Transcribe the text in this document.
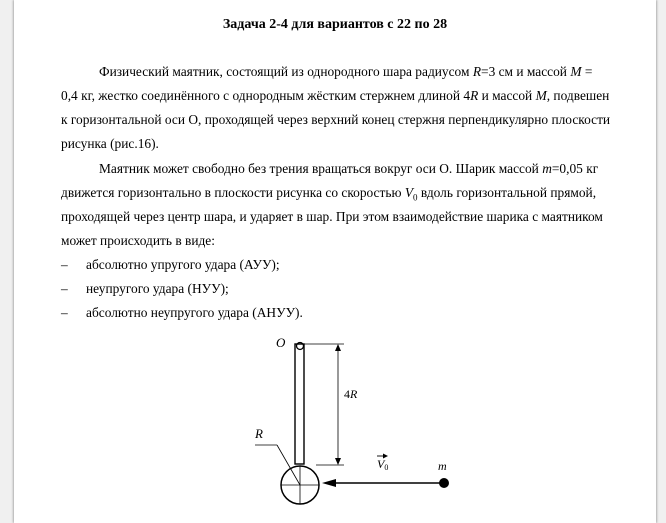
Задача 2-4 для вариантов с 22 по 28
Физический маятник, состоящий из однородного шара радиусом R=3 см и массой M =
0,4 кг, жестко соединённого с однородным жёстким стержнем длиной 4R и массой M, подвешен
к горизонтальной оси О, проходящей через верхний конец стержня перпендикулярно плоскости
рисунка (рис.16).
Маятник может свободно без трения вращаться вокруг оси О. Шарик массой m=0,05 кг
движется горизонтально в плоскости рисунка со скоростью $V_0$ вдоль горизонтальной прямой,
проходящей через центр шара, и ударяет в шар. При этом взаимодействие шарика с маятником
может происходить в виде:
– абсолютно упругого удара (АУУ);
– неупругого удара (НУУ);
– абсолютно неупругого удара (АНУУ).
O
4R
R
V0	m
